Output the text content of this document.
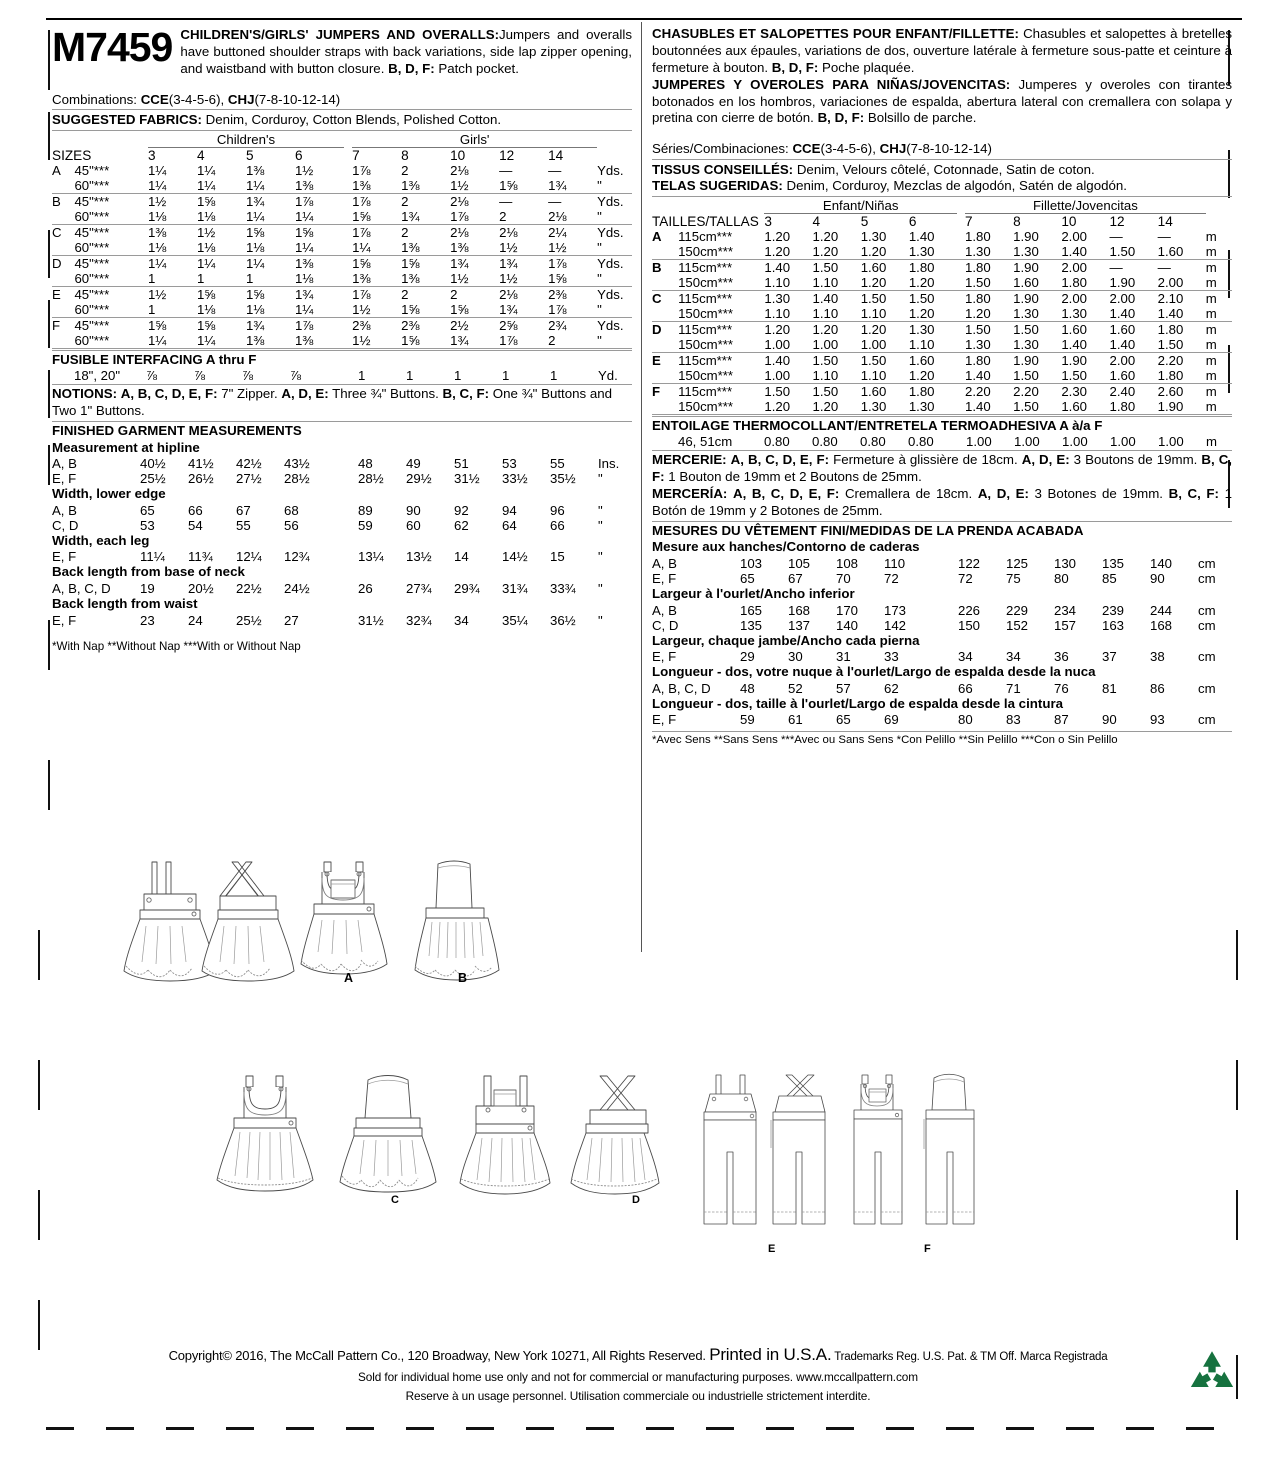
M7459 CHILDREN'S/GIRLS' JUMPERS AND OVERALLS:Jumpers and overalls have buttoned shoulder straps with back variations, side lap zipper opening, and waistband with button closure. B, D, F: Patch pocket.
Combinations: CCE(3-4-5-6), CHJ(7-8-10-12-14)
SUGGESTED FABRICS: Denim, Corduroy, Cotton Blends, Polished Cotton.
		Children's					Girls'					
SIZES		3	4	5	6		7	8	10	12	14	
A	45"***	1¼	1¼	1⅜	1½		1⅞	2	2⅛	—	—	Yds.
	60"***	1¼	1¼	1¼	1⅜		1⅜	1⅜	1½	1⅝	1¾	"
B	45"***	1½	1⅝	1¾	1⅞		1⅞	2	2⅛	—	—	Yds.
	60"***	1⅛	1⅛	1¼	1¼		1⅝	1¾	1⅞	2	2⅛	"
C	45"***	1⅜	1½	1⅝	1⅝		1⅞	2	2⅛	2⅛	2¼	Yds.
	60"***	1⅛	1⅛	1⅛	1¼		1¼	1⅜	1⅜	1½	1½	"
D	45"***	1¼	1¼	1¼	1⅜		1⅝	1⅝	1¾	1¾	1⅞	Yds.
	60"***	1	1	1	1⅛		1⅜	1⅜	1½	1½	1⅝	"
E	45"***	1½	1⅝	1⅝	1¾		1⅞	2	2	2⅛	2⅜	Yds.
	60"***	1	1⅛	1⅛	1¼		1½	1⅝	1⅝	1¾	1⅞	"
F	45"***	1⅝	1⅝	1¾	1⅞		2⅜	2⅜	2½	2⅝	2¾	Yds.
	60"***	1¼	1¼	1⅜	1⅜		1½	1⅝	1¾	1⅞	2	"
FUSIBLE INTERFACING A thru F
	18", 20"	⅞	⅞	⅞	⅞		1	1	1	1	1	Yd.
NOTIONS: A, B, C, D, E, F: 7" Zipper. A, D, E: Three ¾" Buttons. B, C, F: One ¾" Buttons and Two 1" Buttons.
FINISHED GARMENT MEASUREMENTS
Measurement at hipline
A, B	40½	41½	42½	43½		48	49	51	53	55	Ins.
E, F	25½	26½	27½	28½		28½	29½	31½	33½	35½	"
Width, lower edge
A, B	65	66	67	68		89	90	92	94	96	"
C, D	53	54	55	56		59	60	62	64	66	"
Width, each leg
E, F	11¼	11¾	12¼	12¾		13¼	13½	14	14½	15	"
Back length from base of neck
A, B, C, D	19	20½	22½	24½		26	27¾	29¾	31¾	33¾	"
Back length from waist
E, F	23	24	25½	27		31½	32¾	34	35¼	36½	"
*With Nap **Without Nap ***With or Without Nap
CHASUBLES ET SALOPETTES POUR ENFANT/FILLETTE: Chasubles et salopettes à bretelles boutonnées aux épaules, variations de dos, ouverture latérale à fermeture sous-patte et ceinture à fermeture à bouton. B, D, F: Poche plaquée.
JUMPERES Y OVEROLES PARA NIÑAS/JOVENCITAS: Jumperes y overoles con tirantes botonados en los hombros, variaciones de espalda, abertura lateral con cremallera con solapa y pretina con cierre de botón. B, D, F: Bolsillo de parche.
Séries/Combinaciones: CCE(3-4-5-6), CHJ(7-8-10-12-14)
TISSUS CONSEILLÉS: Denim, Velours côtelé, Cotonnade, Satin de coton.
TELAS SUGERIDAS: Denim, Corduroy, Mezclas de algodón, Satén de algodón.
		Enfant/Niñas					Fillette/Jovencitas					
TAILLES/TALLAS		3	4	5	6		7	8	10	12	14	
A	115cm***	1.20	1.20	1.30	1.40		1.80	1.90	2.00	—	—	m
	150cm***	1.20	1.20	1.20	1.30		1.30	1.30	1.40	1.50	1.60	m
B	115cm***	1.40	1.50	1.60	1.80		1.80	1.90	2.00	—	—	m
	150cm***	1.10	1.10	1.20	1.20		1.50	1.60	1.80	1.90	2.00	m
C	115cm***	1.30	1.40	1.50	1.50		1.80	1.90	2.00	2.00	2.10	m
	150cm***	1.10	1.10	1.10	1.20		1.20	1.30	1.30	1.40	1.40	m
D	115cm***	1.20	1.20	1.20	1.30		1.50	1.50	1.60	1.60	1.80	m
	150cm***	1.00	1.00	1.00	1.10		1.30	1.30	1.40	1.40	1.50	m
E	115cm***	1.40	1.50	1.50	1.60		1.80	1.90	1.90	2.00	2.20	m
	150cm***	1.00	1.10	1.10	1.20		1.40	1.50	1.50	1.60	1.80	m
F	115cm***	1.50	1.50	1.60	1.80		2.20	2.20	2.30	2.40	2.60	m
	150cm***	1.20	1.20	1.30	1.30		1.40	1.50	1.60	1.80	1.90	m
ENTOILAGE THERMOCOLLANT/ENTRETELA TERMOADHESIVA A à/a F
	46, 51cm	0.80	0.80	0.80	0.80		1.00	1.00	1.00	1.00	1.00	m
MERCERIE: A, B, C, D, E, F: Fermeture à glissière de 18cm. A, D, E: 3 Boutons de 19mm. B, C, F: 1 Bouton de 19mm et 2 Boutons de 25mm.
MERCERÍA: A, B, C, D, E, F: Cremallera de 18cm. A, D, E: 3 Botones de 19mm. B, C, F: 1 Botón de 19mm y 2 Botones de 25mm.
MESURES DU VÊTEMENT FINI/MEDIDAS DE LA PRENDA ACABADA
Mesure aux hanches/Contorno de caderas
A, B	103	105	108	110		122	125	130	135	140	cm
E, F	65	67	70	72		72	75	80	85	90	cm
Largeur à l'ourlet/Ancho inferior
A, B	165	168	170	173		226	229	234	239	244	cm
C, D	135	137	140	142		150	152	157	163	168	cm
Largeur, chaque jambe/Ancho cada pierna
E, F	29	30	31	33		34	34	36	37	38	cm
Longueur - dos, votre nuque à l'ourlet/Largo de espalda desde la nuca
A, B, C, D	48	52	57	62		66	71	76	81	86	cm
Longueur - dos, taille à l'ourlet/Largo de espalda desde la cintura
E, F	59	61	65	69		80	83	87	90	93	cm
*Avec Sens **Sans Sens ***Avec ou Sans Sens *Con Pelillo **Sin Pelillo ***Con o Sin Pelillo
A	B
C	D
E	F
Copyright© 2016, The McCall Pattern Co., 120 Broadway, New York 10271, All Rights Reserved. Printed in U.S.A. Trademarks Reg. U.S. Pat. & TM Off. Marca Registrada
Sold for individual home use only and not for commercial or manufacturing purposes. www.mccallpattern.com
Reserve à un usage personnel. Utilisation commerciale ou industrielle strictement interdite.
